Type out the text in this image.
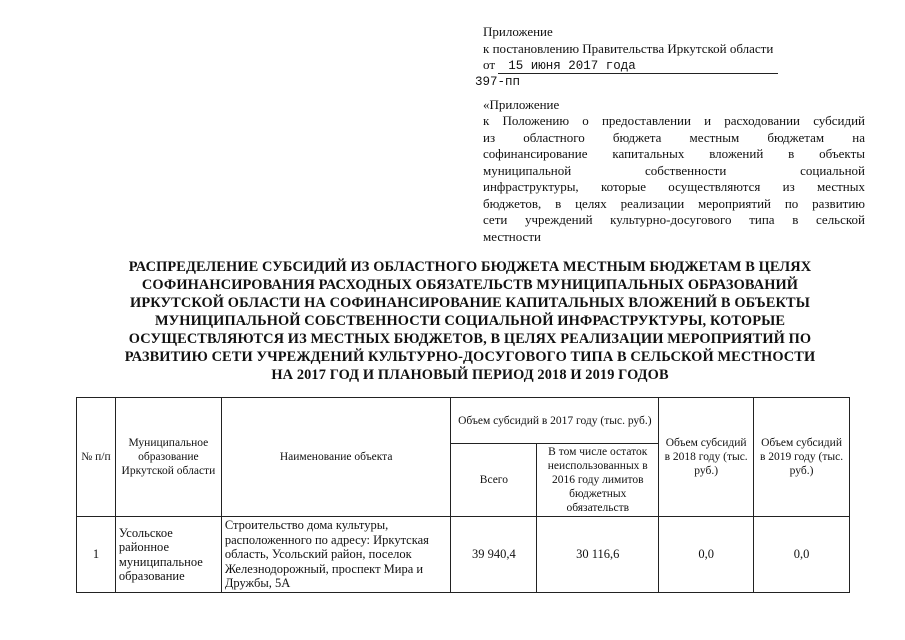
Приложение
к постановлению Правительства Иркутской области
от 15 июня 2017 года
397-пп
«Приложение
к Положению о предоставлении и расходовании субсидий
из областного бюджета местным бюджетам на
софинансирование капитальных вложений в объекты
муниципальной собственности социальной
инфраструктуры, которые осуществляются из местных
бюджетов, в целях реализации мероприятий по развитию
сети учреждений культурно-досугового типа в сельской
местности
РАСПРЕДЕЛЕНИЕ СУБСИДИЙ ИЗ ОБЛАСТНОГО БЮДЖЕТА МЕСТНЫМ БЮДЖЕТАМ В ЦЕЛЯХ
СОФИНАНСИРОВАНИЯ РАСХОДНЫХ ОБЯЗАТЕЛЬСТВ МУНИЦИПАЛЬНЫХ ОБРАЗОВАНИЙ
ИРКУТСКОЙ ОБЛАСТИ НА СОФИНАНСИРОВАНИЕ КАПИТАЛЬНЫХ ВЛОЖЕНИЙ В ОБЪЕКТЫ
МУНИЦИПАЛЬНОЙ СОБСТВЕННОСТИ СОЦИАЛЬНОЙ ИНФРАСТРУКТУРЫ, КОТОРЫЕ
ОСУЩЕСТВЛЯЮТСЯ ИЗ МЕСТНЫХ БЮДЖЕТОВ, В ЦЕЛЯХ РЕАЛИЗАЦИИ МЕРОПРИЯТИЙ ПО
РАЗВИТИЮ СЕТИ УЧРЕЖДЕНИЙ КУЛЬТУРНО-ДОСУГОВОГО ТИПА В СЕЛЬСКОЙ МЕСТНОСТИ
НА 2017 ГОД И ПЛАНОВЫЙ ПЕРИОД 2018 И 2019 ГОДОВ
№ п/п	Муниципальное образование Иркутской области	Наименование объекта	Объем субсидий в 2017 году (тыс. руб.)		Объем субсидий в 2018 году (тыс. руб.)	Объем субсидий в 2019 году (тыс. руб.)
			Всего	В том числе остаток неиспользованных в 2016 году лимитов бюджетных обязательств		
1	Усольское районное муниципальное образование	Строительство дома культуры, расположенного по адресу: Иркутская область, Усольский район, поселок Железнодорожный, проспект Мира и Дружбы, 5А	39 940,4	30 116,6	0,0	0,0
